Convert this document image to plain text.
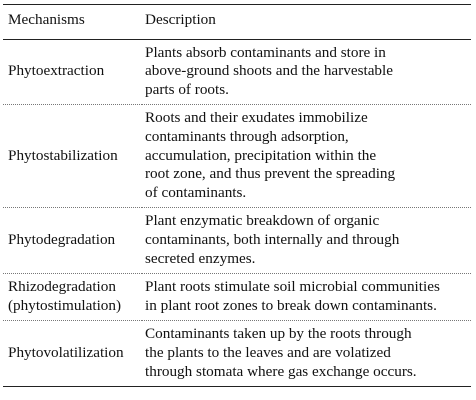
Mechanisms	Description

Phytoextraction	Plants absorb contaminants and store in
above-ground shoots and the harvestable
parts of roots.

Phytostabilization	Roots and their exudates immobilize
contaminants through adsorption,
accumulation, precipitation within the
root zone, and thus prevent the spreading
of contaminants.

Phytodegradation	Plant enzymatic breakdown of organic
contaminants, both internally and through
secreted enzymes.

Rhizodegradation
(phytostimulation)	Plant roots stimulate soil microbial communities
in plant root zones to break down contaminants.

Phytovolatilization	Contaminants taken up by the roots through
the plants to the leaves and are volatized
through stomata where gas exchange occurs.
